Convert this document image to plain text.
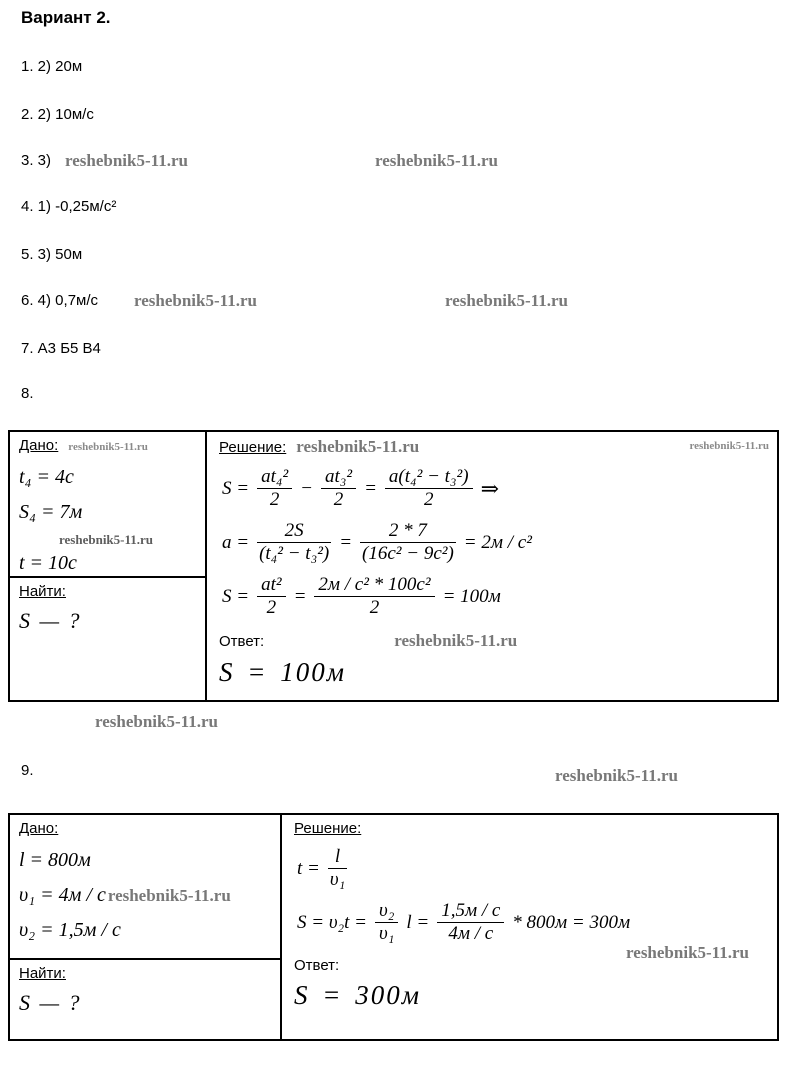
Вариант 2.
1. 2) 20м
2. 2) 10м/с
3. 3) reshebnik5-11.ru	reshebnik5-11.ru
4. 1) -0,25м/с²
5. 3) 50м
6. 4) 0,7м/с reshebnik5-11.ru	reshebnik5-11.ru
7. А3 Б5 В4
8.
Дано: reshebnik5-11.ru
t₄ = 4с
S₄ = 7м
reshebnik5-11.ru
t = 10с
Найти:
S — ?
Решение: reshebnik5-11.ru	reshebnik5-11.ru
$S = \frac{\text{at₄²}}{2} - \frac{\text{at₃²}}{2} = \frac{\text{a(t₄² − t₃²)}}{2}$ ⇒
$a = \frac{2S}{\text{(t₄² − t₃²)}} = \frac{2 * 7}{\text{(16с² − 9с²)}} = 2м / с^2$
$S = \frac{\text{at²}}{2} = \frac{\text{2м / с² * 100с²}}{2} = 100м$
Ответ:	reshebnik5-11.ru
S = 100м
reshebnik5-11.ru
9.	reshebnik5-11.ru
Дано:
l = 800м
υ₁ = 4м / с reshebnik5-11.ru
υ₂ = 1,5м / с
Найти:
S — ?
Решение:
$t = \frac{l}{\text{υ₁}}$
$S = \upsilon_2t = \frac{\text{υ₂}}{\text{υ₁}}$ $l = \frac{1,5м / с}{4м / с} * 800м = 300м$
reshebnik5-11.ru
Ответ:
S = 300м
